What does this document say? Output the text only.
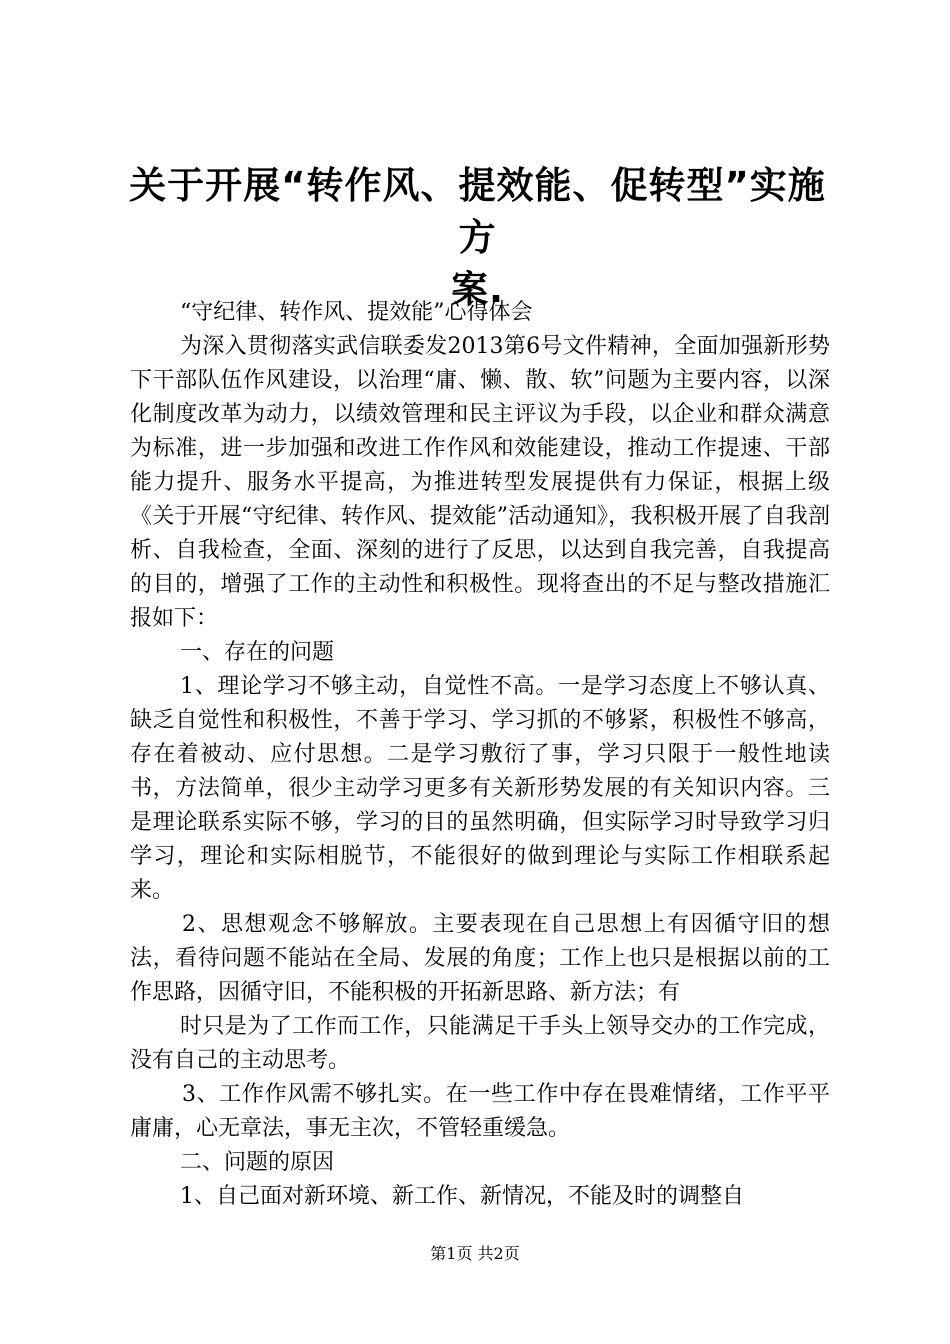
关于开展“转作风、提效能、促转型”实施方
案.

“守纪律、转作风、提效能”心得体会

为深入贯彻落实武信联委发2013第6号文件精神，全面加强新形势下干部队伍作风建设，以治理“庸、懒、散、软”问题为主要内容，以深化制度改革为动力，以绩效管理和民主评议为手段，以企业和群众满意为标准，进一步加强和改进工作作风和效能建设，推动工作提速、干部能力提升、服务水平提高，为推进转型发展提供有力保证，根据上级《关于开展“守纪律、转作风、提效能”活动通知》，我积极开展了自我剖析、自我检查，全面、深刻的进行了反思，以达到自我完善，自我提高的目的，增强了工作的主动性和积极性。现将查出的不足与整改措施汇报如下：

一、存在的问题

1、理论学习不够主动，自觉性不高。一是学习态度上不够认真、缺乏自觉性和积极性，不善于学习、学习抓的不够紧，积极性不够高，存在着被动、应付思想。二是学习敷衍了事，学习只限于一般性地读书，方法简单，很少主动学习更多有关新形势发展的有关知识内容。三是理论联系实际不够，学习的目的虽然明确，但实际学习时导致学习归学习，理论和实际相脱节，不能很好的做到理论与实际工作相联系起来。

2、思想观念不够解放。主要表现在自己思想上有因循守旧的想法，看待问题不能站在全局、发展的角度；工作上也只是根据以前的工作思路，因循守旧，不能积极的开拓新思路、新方法；有

时只是为了工作而工作，只能满足干手头上领导交办的工作完成，没有自己的主动思考。

3、工作作风需不够扎实。在一些工作中存在畏难情绪，工作平平庸庸，心无章法，事无主次，不管轻重缓急。

二、问题的原因

1、自己面对新环境、新工作、新情况，不能及时的调整自

第1页 共2页
